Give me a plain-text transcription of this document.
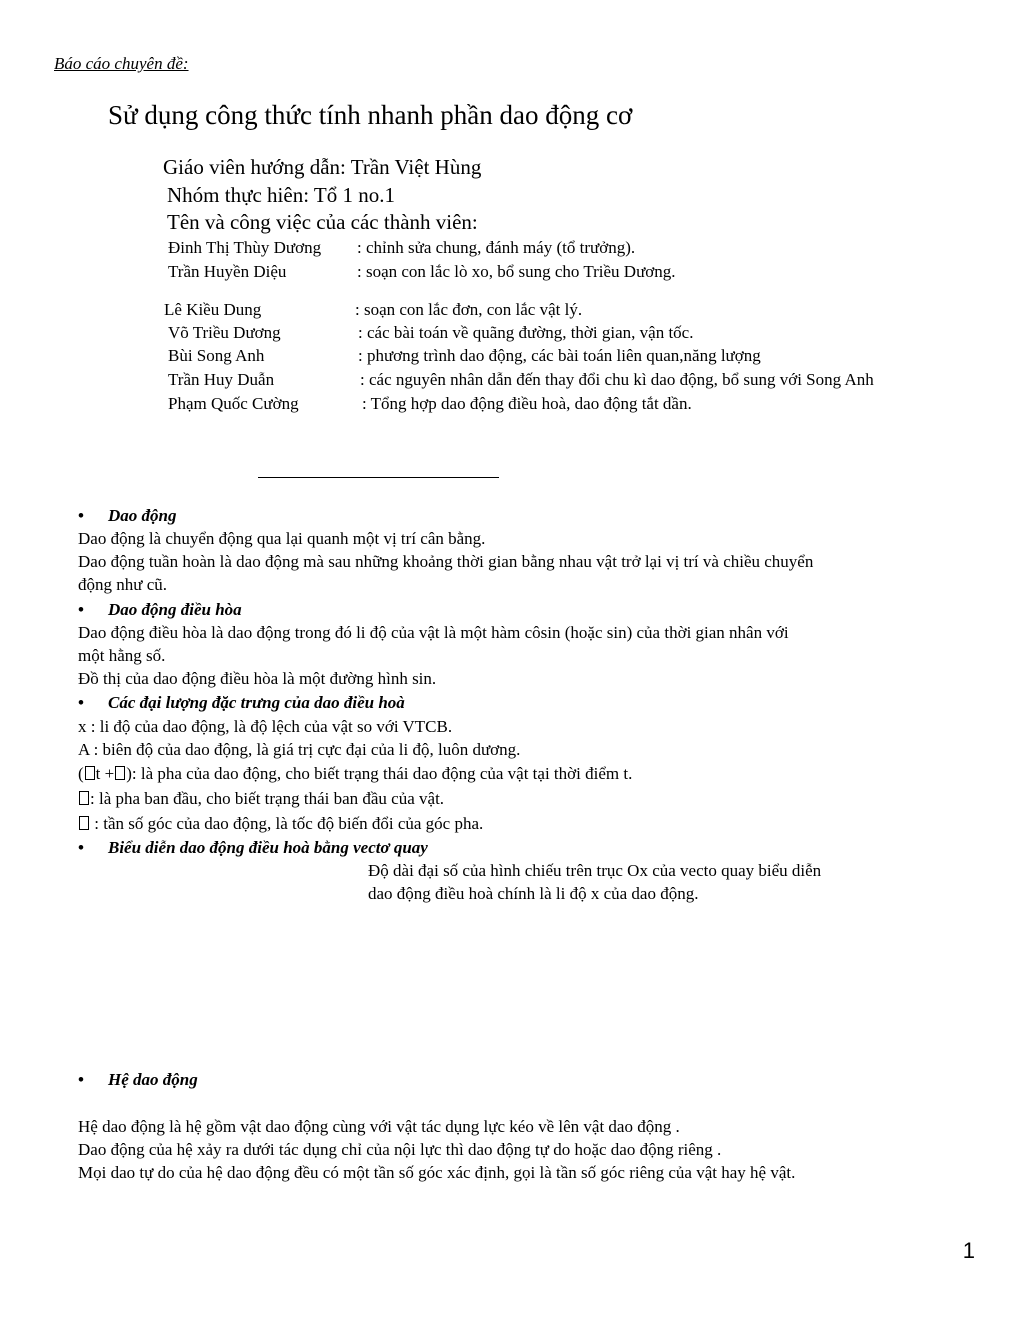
Báo cáo chuyên đề:
Sử dụng công thức tính nhanh phần dao động cơ
Giáo viên hướng dẫn: Trần Việt Hùng
Nhóm thực hiên: Tổ 1 no.1
Tên và công việc của các thành viên:
Đinh Thị Thùy Dương : chỉnh sửa chung, đánh máy (tổ trưởng).
Trần Huyền Diệu	: soạn con lắc lò xo, bổ sung cho Triều Dương.
Lê Kiều Dung	: soạn con lắc đơn, con lắc vật lý.
Võ Triều Dương	: các bài toán về quãng đường, thời gian, vận tốc.
Bùi Song Anh	: phương trình dao động, các bài toán liên quan,năng lượng
Trần Huy Duẫn	: các nguyên nhân dẫn đến thay đổi chu kì dao động, bổ sung với Song Anh
Phạm Quốc Cường	: Tổng hợp dao động điều hoà, dao động tắt dần.
• Dao động
Dao động là chuyển động qua lại quanh một vị trí cân bằng.
Dao động tuần hoàn là dao động mà sau những khoảng thời gian bằng nhau vật trở lại vị trí và chiều chuyển
động như cũ.
• Dao động điều hòa
Dao động điều hòa là dao động trong đó li độ của vật là một hàm côsin (hoặc sin) của thời gian nhân với
một hằng số.
Đồ thị của dao động điều hòa là một đường hình sin.
• Các đại lượng đặc trưng của dao điều hoà
x : li độ của dao động, là độ lệch của vật so với VTCB.
A : biên độ của dao động, là giá trị cực đại của li độ, luôn dương.
( t + ): là pha của dao động, cho biết trạng thái dao động của vật tại thời điểm t.
: là pha ban đầu, cho biết trạng thái ban đầu của vật.
: tần số góc của dao động, là tốc độ biến đổi của góc pha.
• Biểu diễn dao động điều hoà bằng vectơ quay
Độ dài đại số của hình chiếu trên trục Ox của vecto quay biểu diễn
dao động điều hoà chính là li độ x của dao động.
• Hệ dao động
Hệ dao động là hệ gồm vật dao động cùng với vật tác dụng lực kéo về lên vật dao động .
Dao động của hệ xảy ra dưới tác dụng chỉ của nội lực thì dao động tự do hoặc dao động riêng .
Mọi dao tự do của hệ dao động đều có một tần số góc xác định, gọi là tần số góc riêng của vật hay hệ vật.
1
